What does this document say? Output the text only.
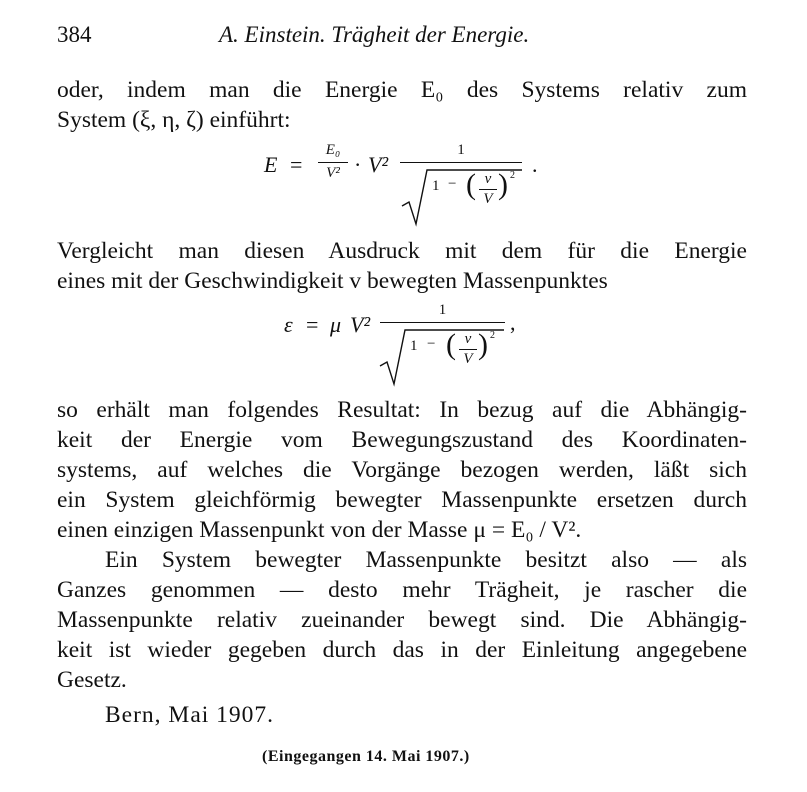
384	A. Einstein. Trägheit der Energie.
oder, indem man die Energie E₀ des Systems relativ zum
System (ξ, η, ζ) einführt:
E =
E₀
V² · V²
1
1 − ( v
V ) 2 .
Vergleicht man diesen Ausdruck mit dem für die Energie
eines mit der Geschwindigkeit v bewegten Massenpunktes
ε = μ V²
1
1 − ( v
V ) 2
,
so erhält man folgendes Resultat: In bezug auf die Abhängig-
keit der Energie vom Bewegungszustand des Koordinaten-
systems, auf welches die Vorgänge bezogen werden, läßt sich
ein System gleichförmig bewegter Massenpunkte ersetzen durch
einen einzigen Massenpunkt von der Masse μ = E₀ / V².
Ein System bewegter Massenpunkte besitzt also — als
Ganzes genommen — desto mehr Trägheit, je rascher die
Massenpunkte relativ zueinander bewegt sind. Die Abhängig-
keit ist wieder gegeben durch das in der Einleitung angegebene
Gesetz.
Bern, Mai 1907.
(Eingegangen 14. Mai 1907.)
